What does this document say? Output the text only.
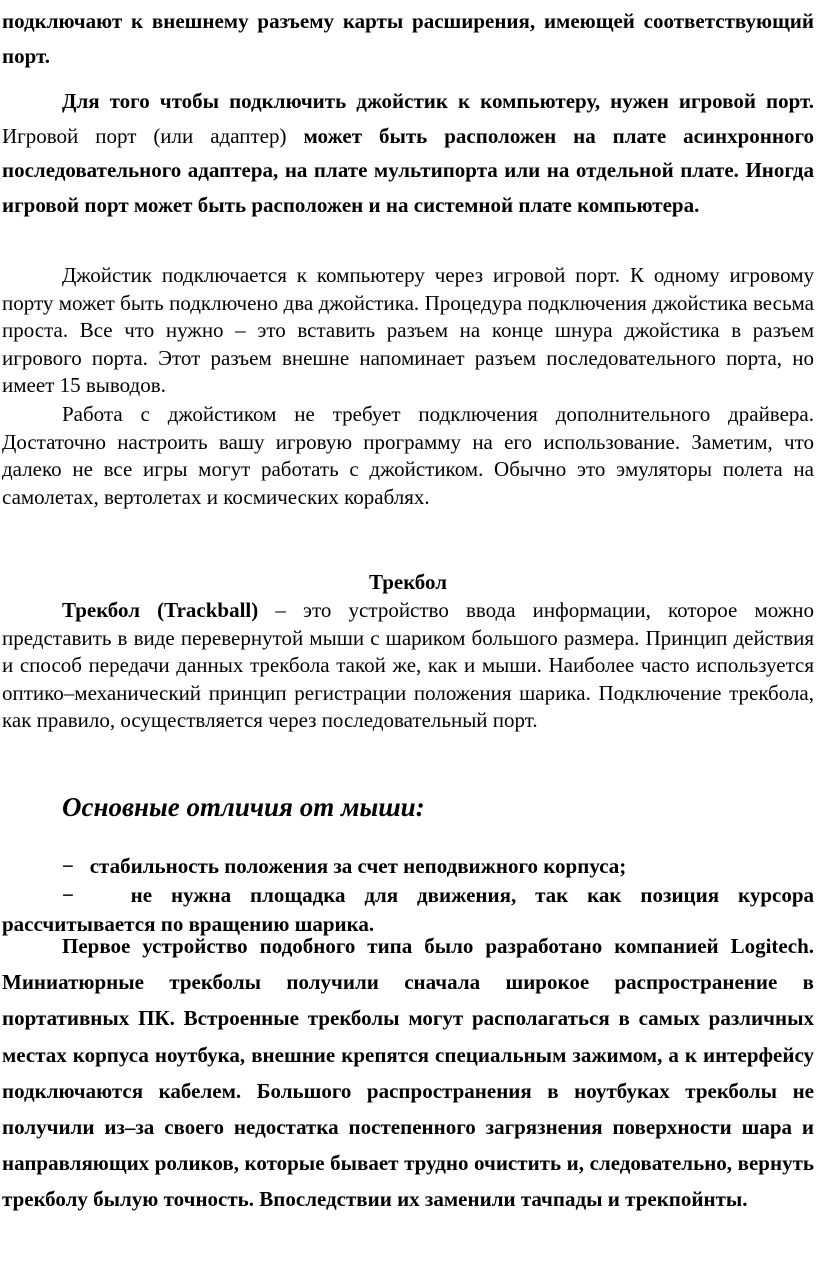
подключают к внешнему разъему карты расширения, имеющей соответствующий порт.

Для того чтобы подключить джойстик к компьютеру, нужен игровой порт. Игровой порт (или адаптер) может быть расположен на плате асинхронного последовательного адаптера, на плате мультипорта или на отдельной плате. Иногда игровой порт может быть расположен и на системной плате компьютера.

Джойстик подключается к компьютеру через игровой порт. К одному игровому порту может быть подключено два джойстика. Процедура подключения джойстика весьма проста. Все что нужно – это вставить разъем на конце шнура джойстика в разъем игрового порта. Этот разъем внешне напоминает разъем последовательного порта, но имеет 15 выводов.

Работа с джойстиком не требует подключения дополнительного драйвера. Достаточно настроить вашу игровую программу на его использование. Заметим, что далеко не все игры могут работать с джойстиком. Обычно это эмуляторы полета на самолетах, вертолетах и космических кораблях.

Трекбол

Трекбол (Trackball) – это устройство ввода информации, которое можно представить в виде перевернутой мыши с шариком большого размера. Принцип действия и способ передачи данных трекбола такой же, как и мыши. Наиболее часто используется оптико–механический принцип регистрации положения шарика. Подключение трекбола, как правило, осуществляется через последовательный порт.

Основные отличия от мыши:

− стабильность положения за счет неподвижного корпуса;

−	не нужна площадка для движения, так как позиция курсора рассчитывается по вращению шарика.

Первое устройство подобного типа было разработано компанией Logitech. Миниатюрные трекболы получили сначала широкое распространение в портативных ПК. Встроенные трекболы могут располагаться в самых различных местах корпуса ноутбука, внешние крепятся специальным зажимом, а к интерфейсу подключаются кабелем. Большого распространения в ноутбуках трекболы не получили из–за своего недостатка постепенного загрязнения поверхности шара и направляющих роликов, которые бывает трудно очистить и, следовательно, вернуть трекболу былую точность. Впоследствии их заменили тачпады и трекпойнты.
